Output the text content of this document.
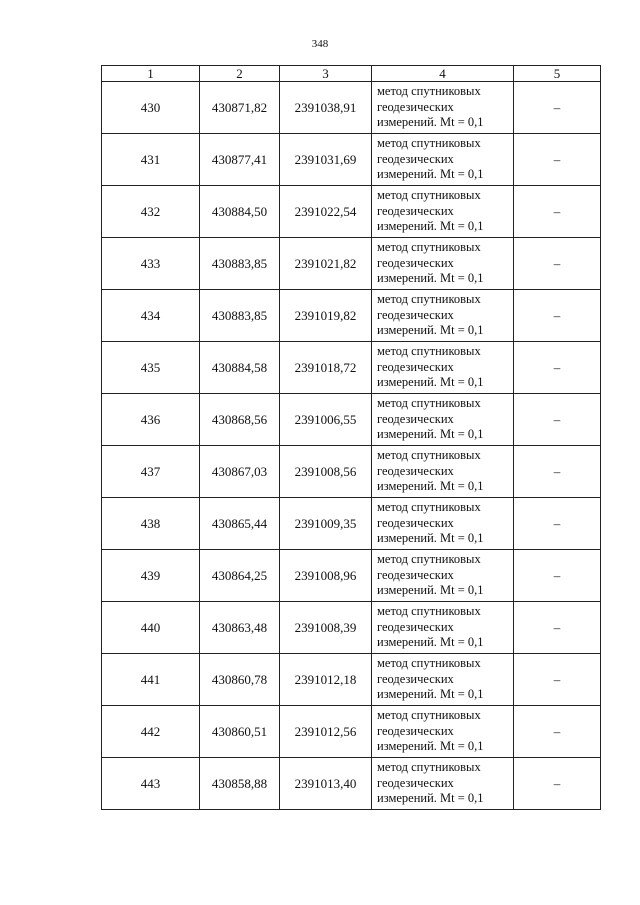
348
1	2	3	4	5
430	430871,82	2391038,91	метод спутниковых
геодезических
измерений. Mt = 0,1	–
431	430877,41	2391031,69	метод спутниковых
геодезических
измерений. Mt = 0,1	–
432	430884,50	2391022,54	метод спутниковых
геодезических
измерений. Mt = 0,1	–
433	430883,85	2391021,82	метод спутниковых
геодезических
измерений. Mt = 0,1	–
434	430883,85	2391019,82	метод спутниковых
геодезических
измерений. Mt = 0,1	–
435	430884,58	2391018,72	метод спутниковых
геодезических
измерений. Mt = 0,1	–
436	430868,56	2391006,55	метод спутниковых
геодезических
измерений. Mt = 0,1	–
437	430867,03	2391008,56	метод спутниковых
геодезических
измерений. Mt = 0,1	–
438	430865,44	2391009,35	метод спутниковых
геодезических
измерений. Mt = 0,1	–
439	430864,25	2391008,96	метод спутниковых
геодезических
измерений. Mt = 0,1	–
440	430863,48	2391008,39	метод спутниковых
геодезических
измерений. Mt = 0,1	–
441	430860,78	2391012,18	метод спутниковых
геодезических
измерений. Mt = 0,1	–
442	430860,51	2391012,56	метод спутниковых
геодезических
измерений. Mt = 0,1	–
443	430858,88	2391013,40	метод спутниковых
геодезических
измерений. Mt = 0,1	–
